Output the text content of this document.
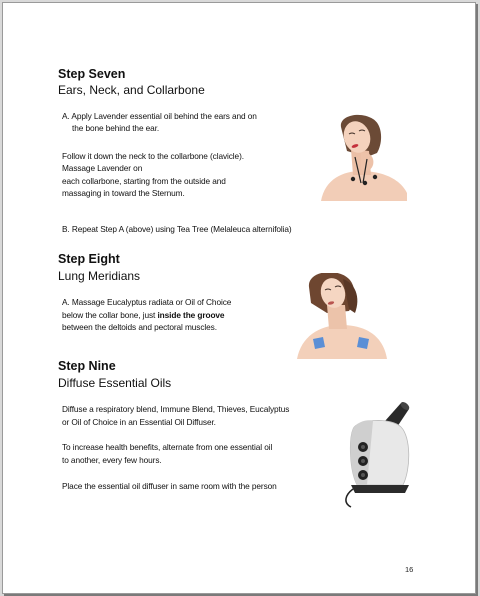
Step Seven
Ears, Neck, and Collarbone
A. Apply Lavender essential oil behind the ears and on
the bone behind the ear.
Follow it down the neck to the collarbone (clavicle).
Massage Lavender on
each collarbone, starting from the outside and
massaging in toward the Sternum.
B. Repeat Step A (above) using Tea Tree (Melaleuca alternifolia)
Step Eight
Lung Meridians
A. Massage Eucalyptus radiata or Oil of Choice
below the collar bone, just inside the groove
between the deltoids and pectoral muscles.
Step Nine
Diffuse Essential Oils
Diffuse a respiratory blend, Immune Blend, Thieves, Eucalyptus
or Oil of Choice in an Essential Oil Diffuser.
To increase health benefits, alternate from one essential oil
to another, every few hours.
Place the essential oil diffuser in same room with the person
16
